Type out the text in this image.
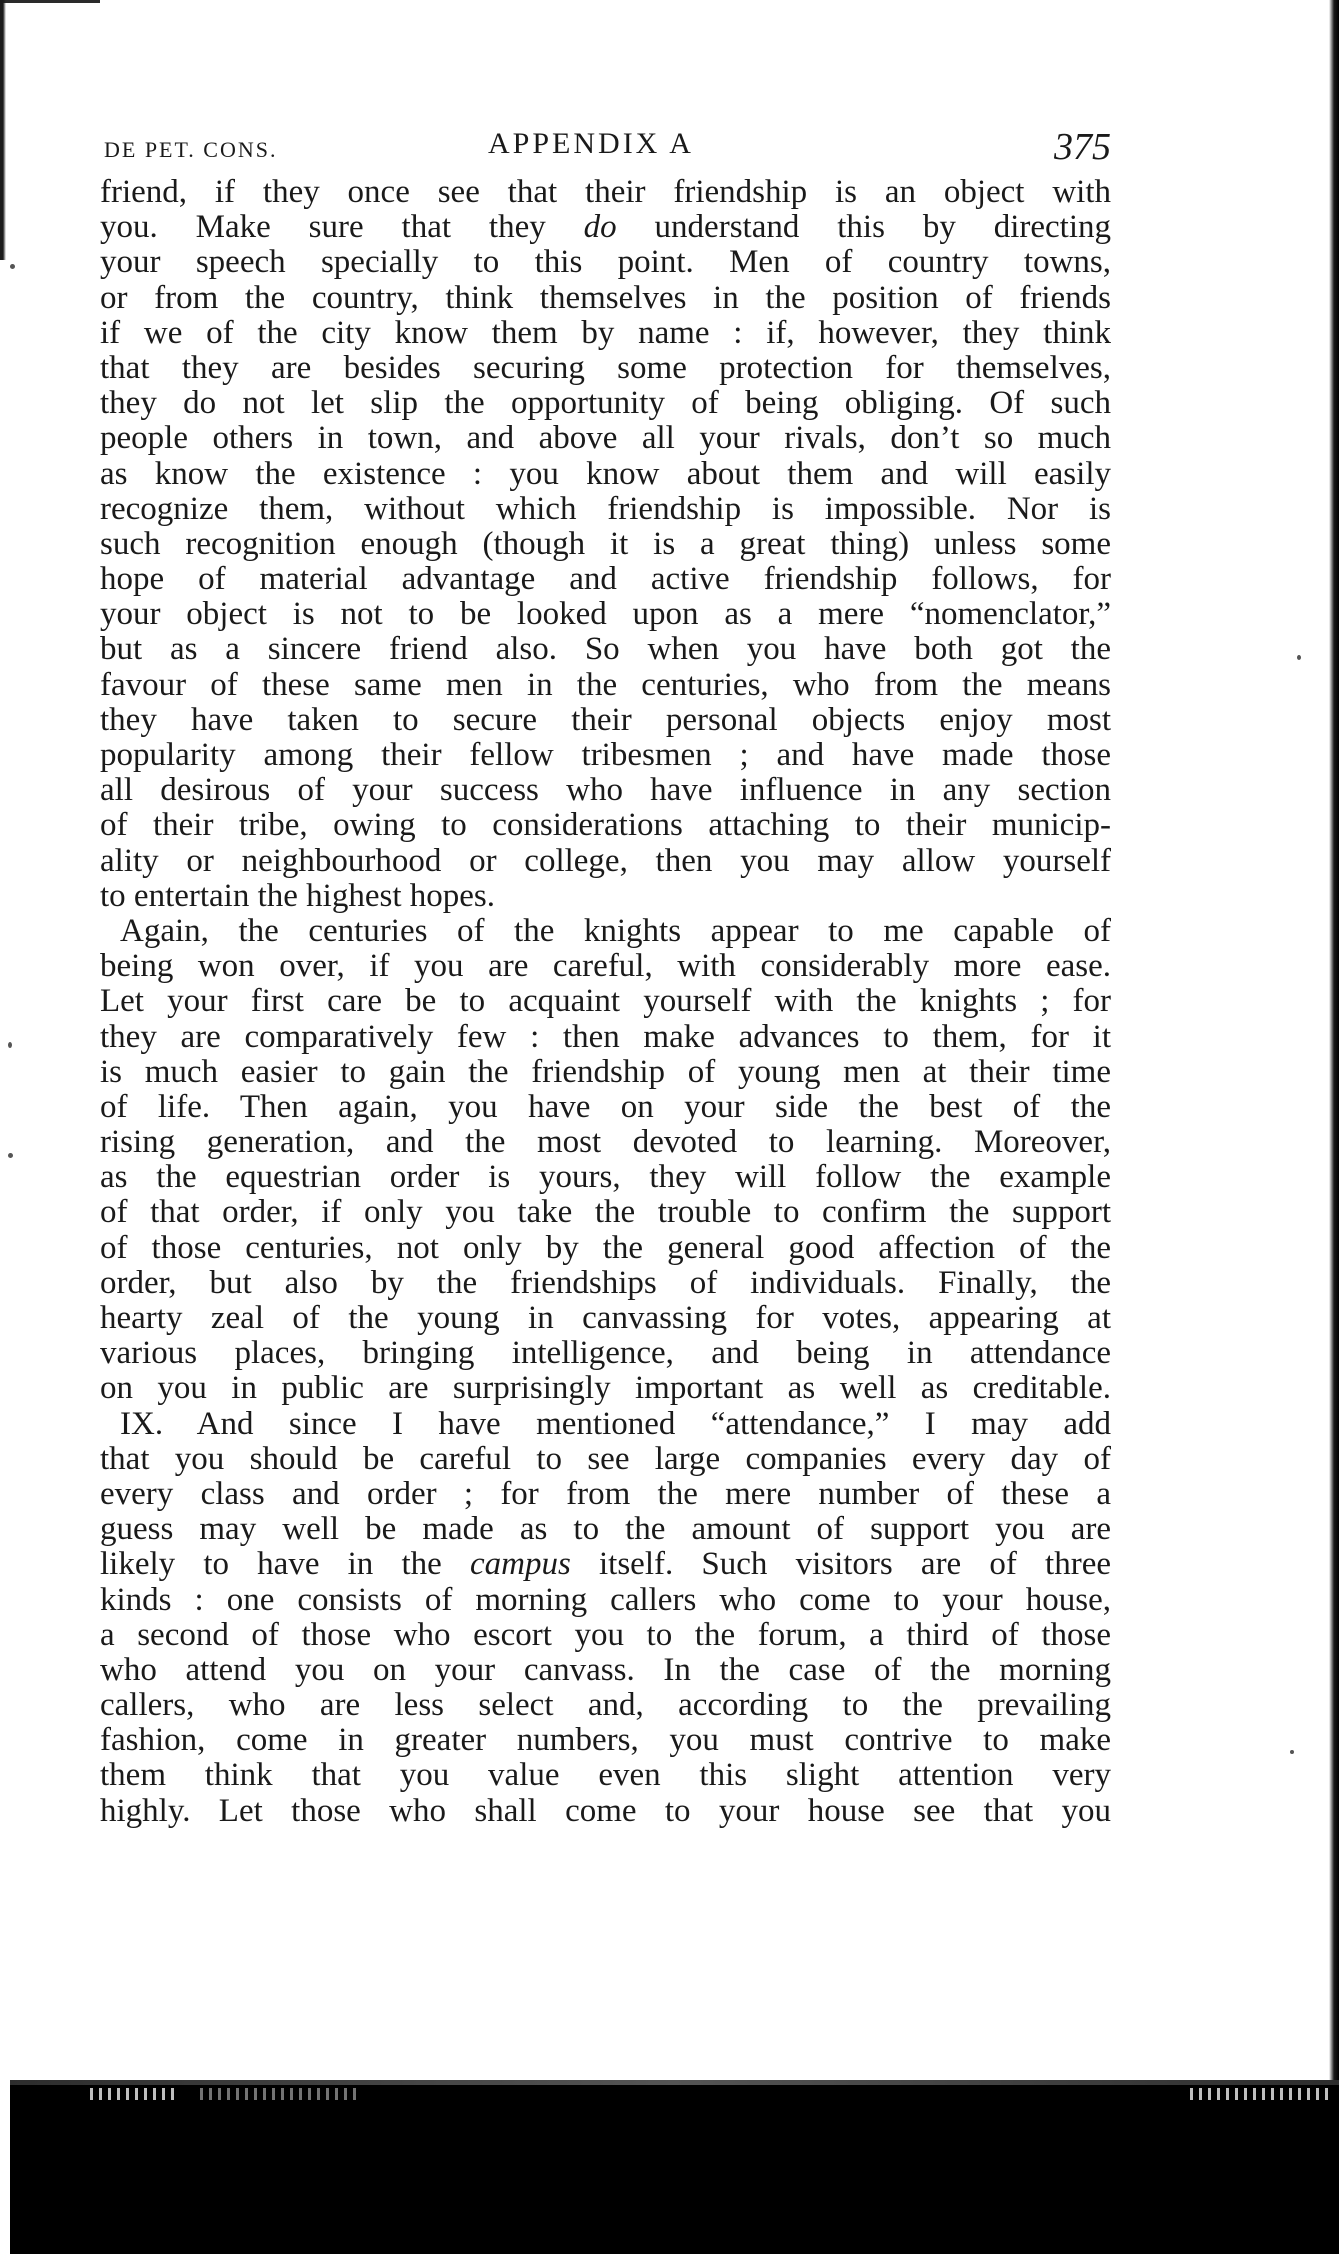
DE PET. CONS.	APPENDIX A	375
friend, if they once see that their friendship is an object with
you. Make sure that they do understand this by directing
your speech specially to this point. Men of country towns,
or from the country, think themselves in the position of friends
if we of the city know them by name : if, however, they think
that they are besides securing some protection for themselves,
they do not let slip the opportunity of being obliging. Of such
people others in town, and above all your rivals, don’t so much
as know the existence : you know about them and will easily
recognize them, without which friendship is impossible. Nor is
such recognition enough (though it is a great thing) unless some
hope of material advantage and active friendship follows, for
your object is not to be looked upon as a mere “nomenclator,”
but as a sincere friend also. So when you have both got the
favour of these same men in the centuries, who from the means
they have taken to secure their personal objects enjoy most
popularity among their fellow tribesmen ; and have made those
all desirous of your success who have influence in any section
of their tribe, owing to considerations attaching to their municip-
ality or neighbourhood or college, then you may allow yourself
to entertain the highest hopes.
Again, the centuries of the knights appear to me capable of
being won over, if you are careful, with considerably more ease.
Let your first care be to acquaint yourself with the knights ; for
they are comparatively few : then make advances to them, for it
is much easier to gain the friendship of young men at their time
of life. Then again, you have on your side the best of the
rising generation, and the most devoted to learning. Moreover,
as the equestrian order is yours, they will follow the example
of that order, if only you take the trouble to confirm the support
of those centuries, not only by the general good affection of the
order, but also by the friendships of individuals. Finally, the
hearty zeal of the young in canvassing for votes, appearing at
various places, bringing intelligence, and being in attendance
on you in public are surprisingly important as well as creditable.
IX. And since I have mentioned “attendance,” I may add
that you should be careful to see large companies every day of
every class and order ; for from the mere number of these a
guess may well be made as to the amount of support you are
likely to have in the campus itself. Such visitors are of three
kinds : one consists of morning callers who come to your house,
a second of those who escort you to the forum, a third of those
who attend you on your canvass. In the case of the morning
callers, who are less select and, according to the prevailing
fashion, come in greater numbers, you must contrive to make
them think that you value even this slight attention very
highly. Let those who shall come to your house see that you
